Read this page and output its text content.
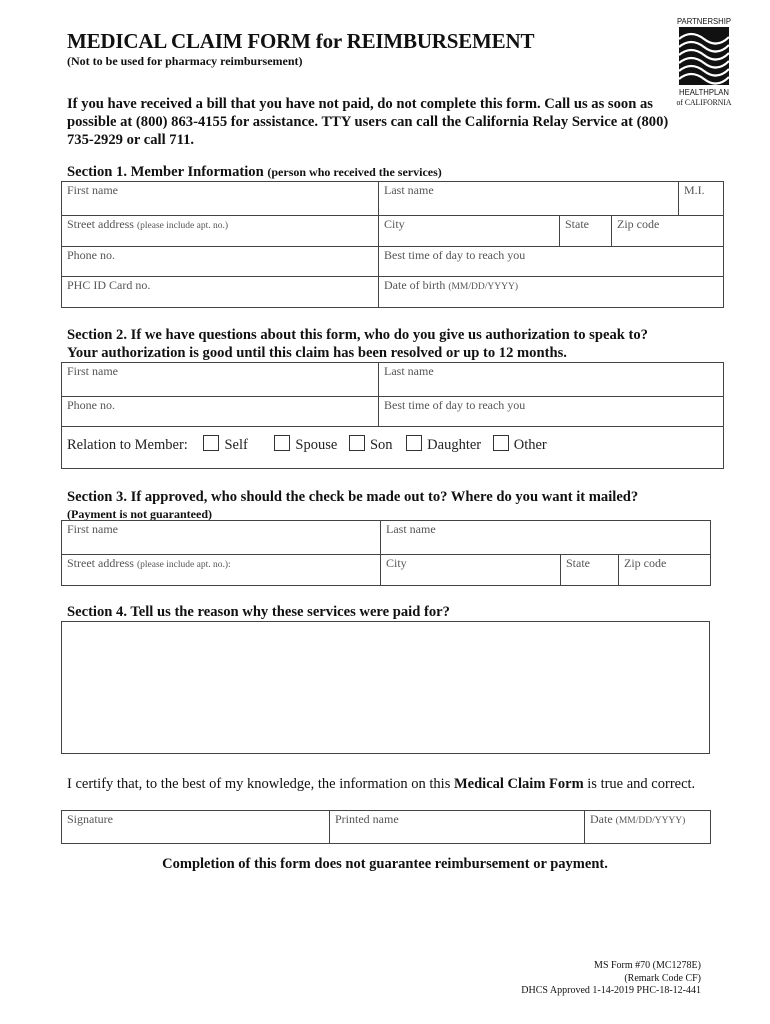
MEDICAL CLAIM FORM for REIMBURSEMENT
(Not to be used for pharmacy reimbursement)
PARTNERSHIP
HEALTHPLAN
of CALIFORNIA
If you have received a bill that you have not paid, do not complete this form. Call us as soon as possible at (800) 863-4155 for assistance. TTY users can call the California Relay Service at (800) 735-2929 or call 711.
Section 1. Member Information (person who received the services)
First name	Last name	M.I.
Street address (please include apt. no.)	City	State Zip code
Phone no.	Best time of day to reach you
PHC ID Card no.	Date of birth (MM/DD/YYYY)
Section 2. If we have questions about this form, who do you give us authorization to speak to?
Your authorization is good until this claim has been resolved or up to 12 months.
First name	Last name
Phone no.	Best time of day to reach you
Relation to Member:	Self	Spouse Son Daughter Other
Section 3. If approved, who should the check be made out to? Where do you want it mailed?
(Payment is not guaranteed)
First name	Last name
Street address (please include apt. no.):	City	State	Zip code
Section 4. Tell us the reason why these services were paid for?
I certify that, to the best of my knowledge, the information on this Medical Claim Form is true and correct.
Signature	Printed name	Date (MM/DD/YYYY)
Completion of this form does not guarantee reimbursement or payment.
MS Form #70 (MC1278E)
(Remark Code CF)
DHCS Approved 1-14-2019 PHC-18-12-441
